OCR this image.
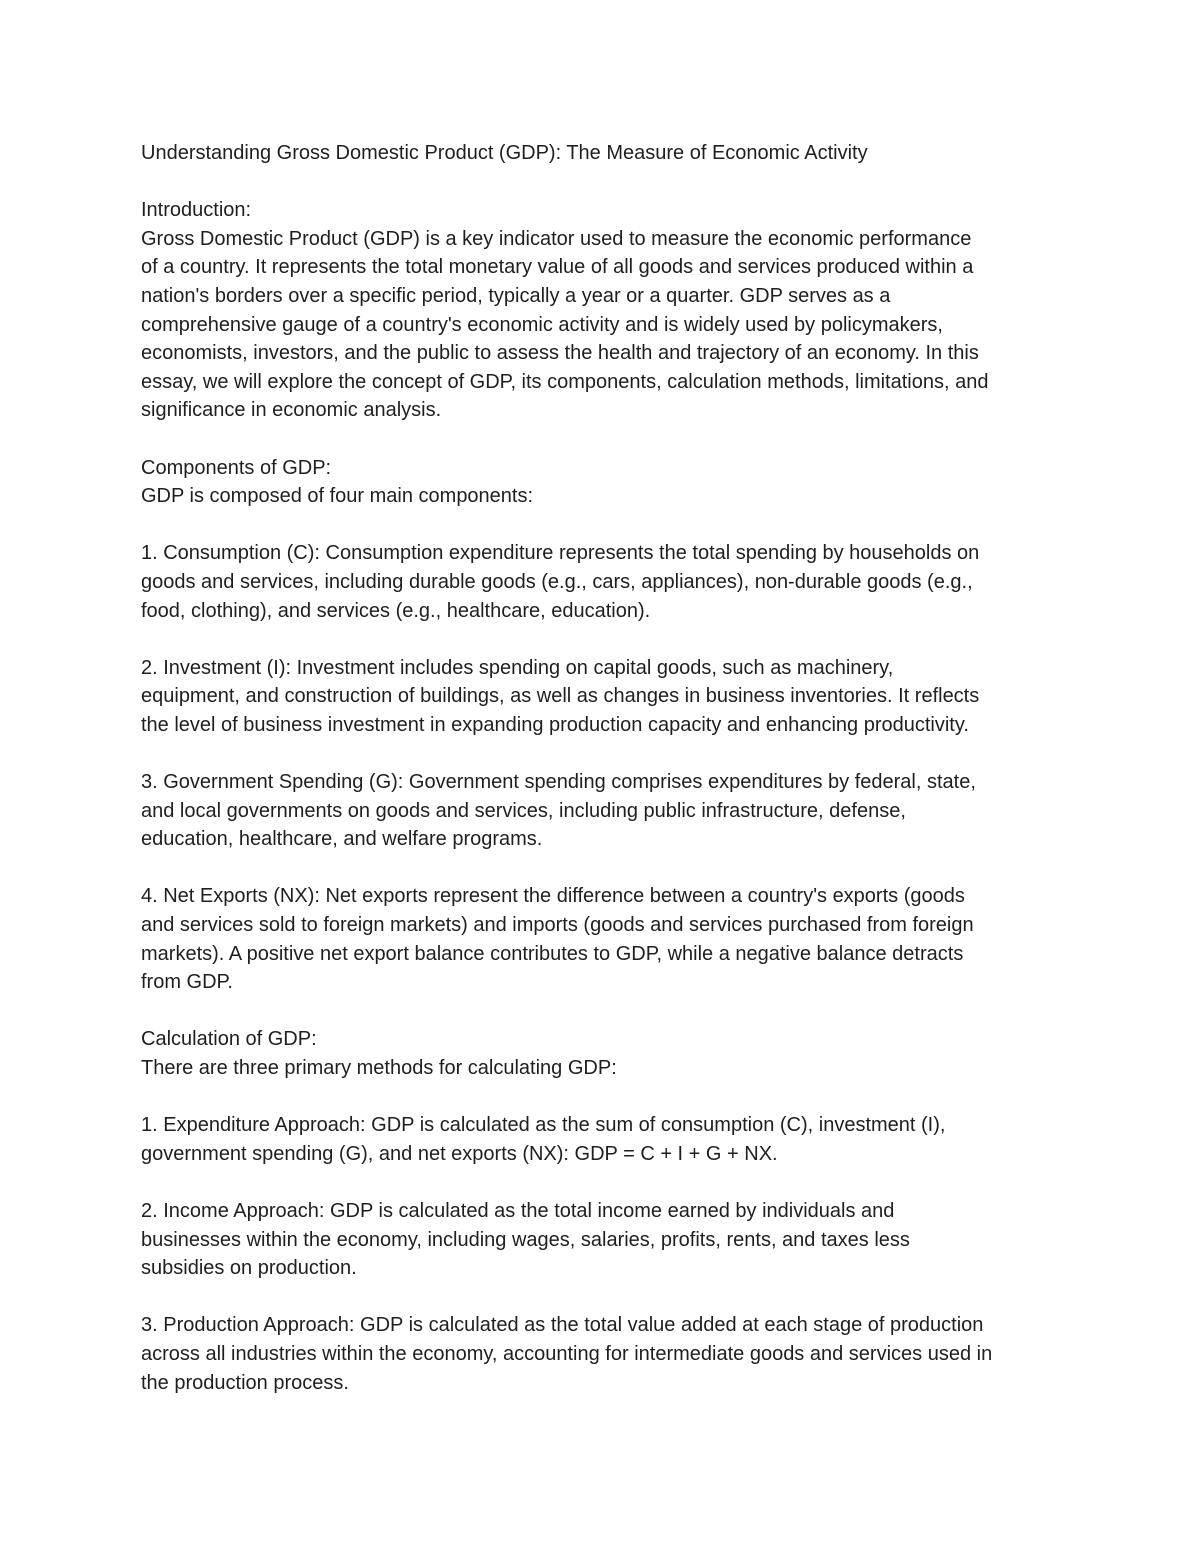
Understanding Gross Domestic Product (GDP): The Measure of Economic Activity

Introduction:

Gross Domestic Product (GDP) is a key indicator used to measure the economic performance
of a country. It represents the total monetary value of all goods and services produced within a
nation's borders over a specific period, typically a year or a quarter. GDP serves as a
comprehensive gauge of a country's economic activity and is widely used by policymakers,
economists, investors, and the public to assess the health and trajectory of an economy. In this
essay, we will explore the concept of GDP, its components, calculation methods, limitations, and
significance in economic analysis.

Components of GDP:

GDP is composed of four main components:

1. Consumption (C): Consumption expenditure represents the total spending by households on
goods and services, including durable goods (e.g., cars, appliances), non-durable goods (e.g.,
food, clothing), and services (e.g., healthcare, education).
2. Investment (I): Investment includes spending on capital goods, such as machinery,
equipment, and construction of buildings, as well as changes in business inventories. It reflects
the level of business investment in expanding production capacity and enhancing productivity.
3. Government Spending (G): Government spending comprises expenditures by federal, state,
and local governments on goods and services, including public infrastructure, defense,
education, healthcare, and welfare programs.
4. Net Exports (NX): Net exports represent the difference between a country's exports (goods
and services sold to foreign markets) and imports (goods and services purchased from foreign
markets). A positive net export balance contributes to GDP, while a negative balance detracts
from GDP.

Calculation of GDP:

There are three primary methods for calculating GDP:

1. Expenditure Approach: GDP is calculated as the sum of consumption (C), investment (I),
government spending (G), and net exports (NX): GDP = C + I + G + NX.
2. Income Approach: GDP is calculated as the total income earned by individuals and
businesses within the economy, including wages, salaries, profits, rents, and taxes less
subsidies on production.
3. Production Approach: GDP is calculated as the total value added at each stage of production
across all industries within the economy, accounting for intermediate goods and services used in
the production process.
